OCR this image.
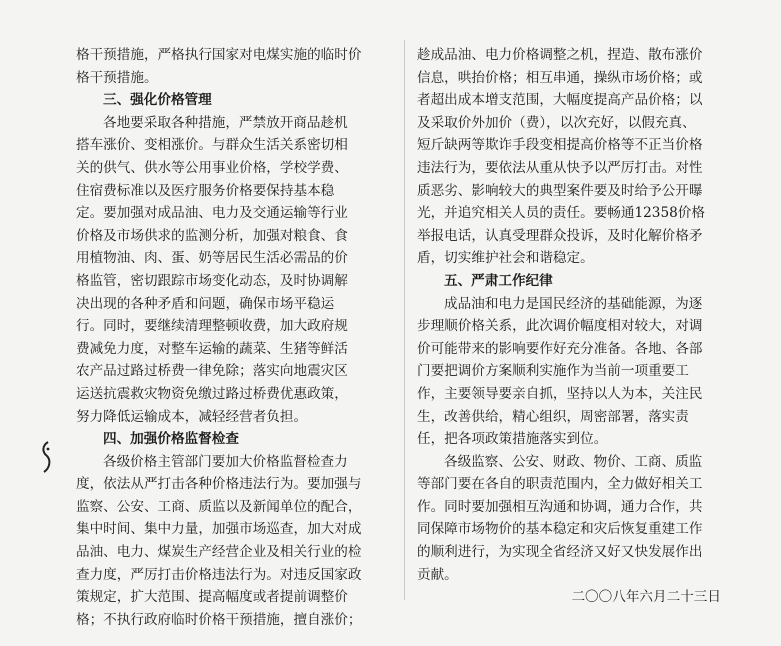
格干预措施，严格执行国家对电煤实施的临时价
格干预措施。
三、强化价格管理
各地要采取各种措施，严禁放开商品趁机
搭车涨价、变相涨价。与群众生活关系密切相
关的供气、供水等公用事业价格，学校学费、
住宿费标准以及医疗服务价格要保持基本稳
定。要加强对成品油、电力及交通运输等行业
价格及市场供求的监测分析，加强对粮食、食
用植物油、肉、蛋、奶等居民生活必需品的价
格监管，密切跟踪市场变化动态，及时协调解
决出现的各种矛盾和问题，确保市场平稳运
行。同时，要继续清理整顿收费，加大政府规
费减免力度，对整车运输的蔬菜、生猪等鲜活
农产品过路过桥费一律免除；落实向地震灾区
运送抗震救灾物资免缴过路过桥费优惠政策，
努力降低运输成本，减轻经营者负担。
四、加强价格监督检查
各级价格主管部门要加大价格监督检查力
度，依法从严打击各种价格违法行为。要加强与
监察、公安、工商、质监以及新闻单位的配合，
集中时间、集中力量，加强市场巡查，加大对成
品油、电力、煤炭生产经营企业及相关行业的检
查力度，严厉打击价格违法行为。对违反国家政
策规定，扩大范围、提高幅度或者提前调整价
格；不执行政府临时价格干预措施，擅自涨价；
趁成品油、电力价格调整之机，捏造、散布涨价
信息，哄抬价格；相互串通，操纵市场价格；或
者超出成本增支范围，大幅度提高产品价格；以
及采取价外加价（费），以次充好，以假充真、
短斤缺两等欺诈手段变相提高价格等不正当价格
违法行为，要依法从重从快予以严厉打击。对性
质恶劣、影响较大的典型案件要及时给予公开曝
光，并追究相关人员的责任。要畅通12358价格
举报电话，认真受理群众投诉，及时化解价格矛
盾，切实维护社会和谐稳定。
五、严肃工作纪律
成品油和电力是国民经济的基础能源，为逐
步理顺价格关系，此次调价幅度相对较大，对调
价可能带来的影响要作好充分准备。各地、各部
门要把调价方案顺利实施作为当前一项重要工
作，主要领导要亲自抓，坚持以人为本，关注民
生，改善供给，精心组织，周密部署，落实责
任，把各项政策措施落实到位。
各级监察、公安、财政、物价、工商、质监
等部门要在各自的职责范围内，全力做好相关工
作。同时要加强相互沟通和协调，通力合作，共
同保障市场物价的基本稳定和灾后恢复重建工作
的顺利进行，为实现全省经济又好又快发展作出
贡献。
二〇〇八年六月二十三日
